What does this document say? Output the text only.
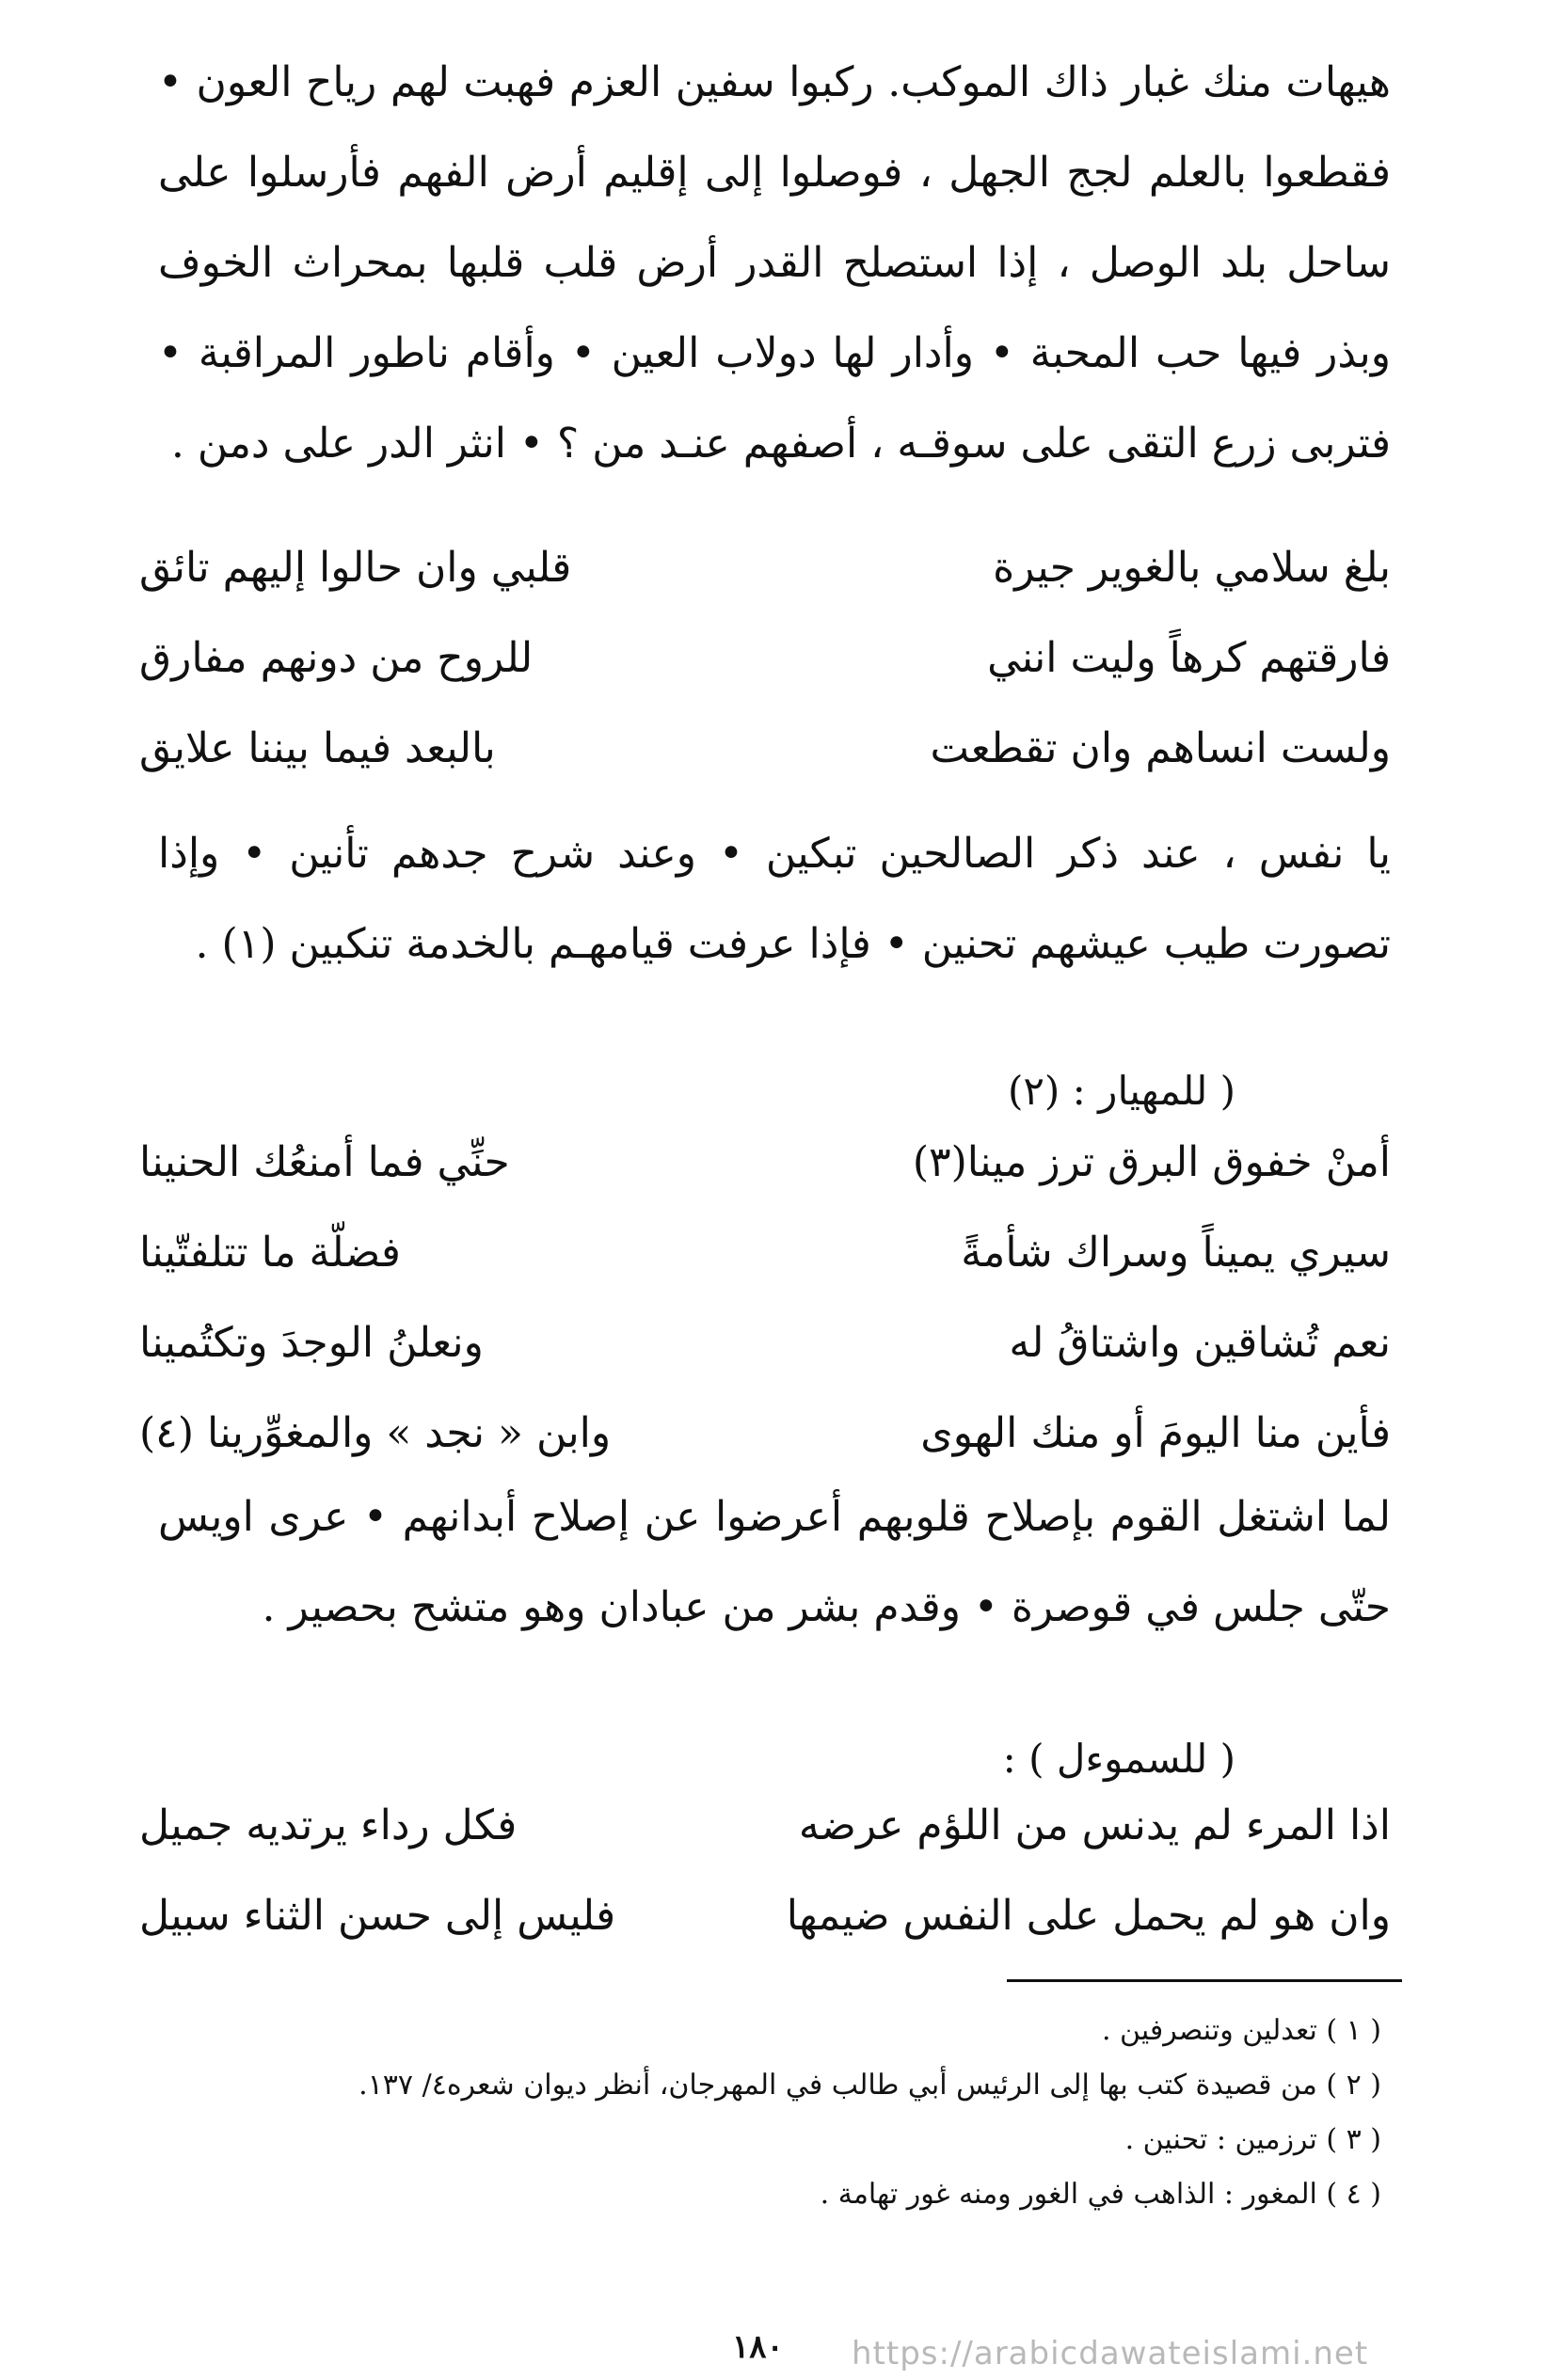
هيهات منك غبار ذاك الموكب. ركبوا سفين العزم فهبت لهم رياح العون • فقطعوا بالعلم لجج الجهل ، فوصلوا إلى إقليم أرض الفهم فأرسلوا على ساحل بلد الوصل ، إذا استصلح القدر أرض قلب قلبها بمحراث الخوف وبذر فيها حب المحبة • وأدار لها دولاب العين • وأقام ناطور المراقبة • فتربى زرع التقى على سوقـه ، أصفهم عنـد من ؟ • انثر الدر على دمن .

بلغ سلامي بالغوير جيرة
قلبي وان حالوا إليهم تائق
فارقتهم كرهاً وليت انني
للروح من دونهم مفارق
ولست انساهم وان تقطعت
بالبعد فيما بيننا علايق

يا نفس ، عند ذكر الصالحين تبكين • وعند شرح جدهم تأنين • وإذا تصورت طيب عيشهم تحنين • فإذا عرفت قيامهـم بالخدمة تنكبين (١) .

( للمهيار : (٢)
أمنْ خفوق البرق ترز مينا(٣)
حنِّي فما أمنعُك الحنينا
سيري يميناً وسراك شأمةً
فضلّة ما تتلفتّينا
نعم تُشاقين واشتاقُ له
ونعلنُ الوجدَ وتكتُمينا
فأين منا اليومَ أو منك الهوى
وابن « نجد » والمغوِّرينا (٤)

لما اشتغل القوم بإصلاح قلوبهم أعرضوا عن إصلاح أبدانهم • عرى اويس حتّى جلس في قوصرة • وقدم بشر من عبادان وهو متشح بحصير .

( للسموءل ) :
اذا المرء لم يدنس من اللؤم عرضه
فكل رداء يرتديه جميل
وان هو لم يحمل على النفس ضيمها
فليس إلى حسن الثناء سبيل
( ١ ) تعدلين وتنصرفين .
( ٢ ) من قصيدة كتب بها إلى الرئيس أبي طالب في المهرجان، أنظر ديوان شعره٤/ ١٣٧.
( ٣ ) ترزمين : تحنين .
( ٤ ) المغور : الذاهب في الغور ومنه غور تهامة .
١٨٠ https://arabicdawateislami.net
